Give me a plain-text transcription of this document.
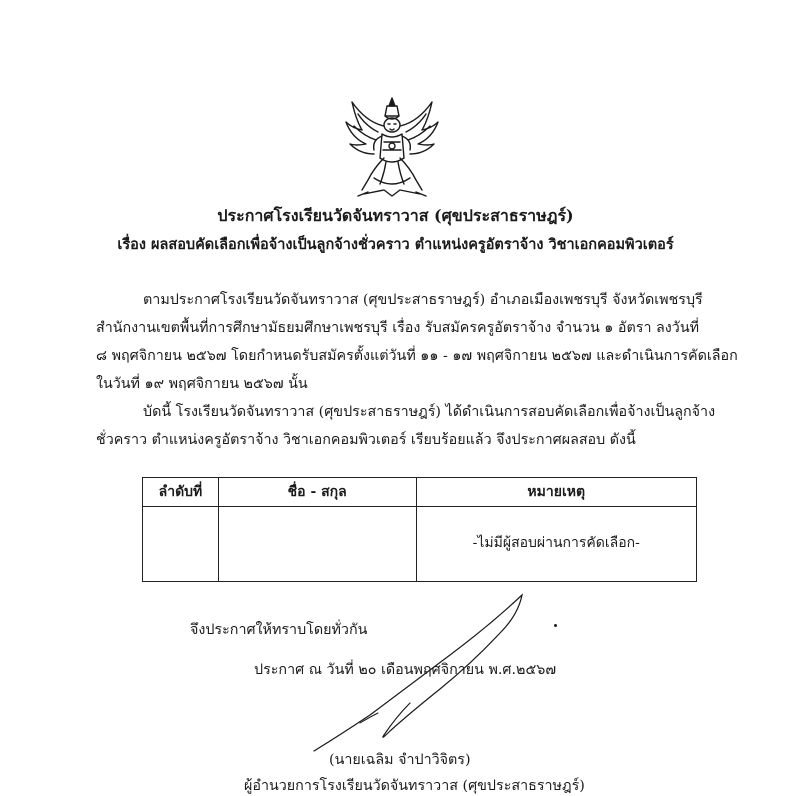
ประกาศโรงเรียนวัดจันทราวาส (ศุขประสาธราษฎร์)
เรื่อง ผลสอบคัดเลือกเพื่อจ้างเป็นลูกจ้างชั่วคราว ตำแหน่งครูอัตราจ้าง วิชาเอกคอมพิวเตอร์
ตามประกาศโรงเรียนวัดจันทราวาส (ศุขประสาธราษฎร์) อำเภอเมืองเพชรบุรี จังหวัดเพชรบุรี
สำนักงานเขตพื้นที่การศึกษามัธยมศึกษาเพชรบุรี เรื่อง รับสมัครครูอัตราจ้าง จำนวน ๑ อัตรา ลงวันที่
๘ พฤศจิกายน ๒๕๖๗ โดยกำหนดรับสมัครตั้งแต่วันที่ ๑๑ - ๑๗ พฤศจิกายน ๒๕๖๗ และดำเนินการคัดเลือก
ในวันที่ ๑๙ พฤศจิกายน ๒๕๖๗ นั้น
บัดนี้ โรงเรียนวัดจันทราวาส (ศุขประสาธราษฎร์) ได้ดำเนินการสอบคัดเลือกเพื่อจ้างเป็นลูกจ้าง
ชั่วคราว ตำแหน่งครูอัตราจ้าง วิชาเอกคอมพิวเตอร์ เรียบร้อยแล้ว จึงประกาศผลสอบ ดังนี้
ลำดับที่	ชื่อ - สกุล	หมายเหตุ
		-ไม่มีผู้สอบผ่านการคัดเลือก-
จึงประกาศให้ทราบโดยทั่วกัน
ประกาศ ณ วันที่ ๒๐ เดือนพฤศจิกายน พ.ศ.๒๕๖๗
(นายเฉลิม จำปาวิจิตร)
ผู้อำนวยการโรงเรียนวัดจันทราวาส (ศุขประสาธราษฎร์)
